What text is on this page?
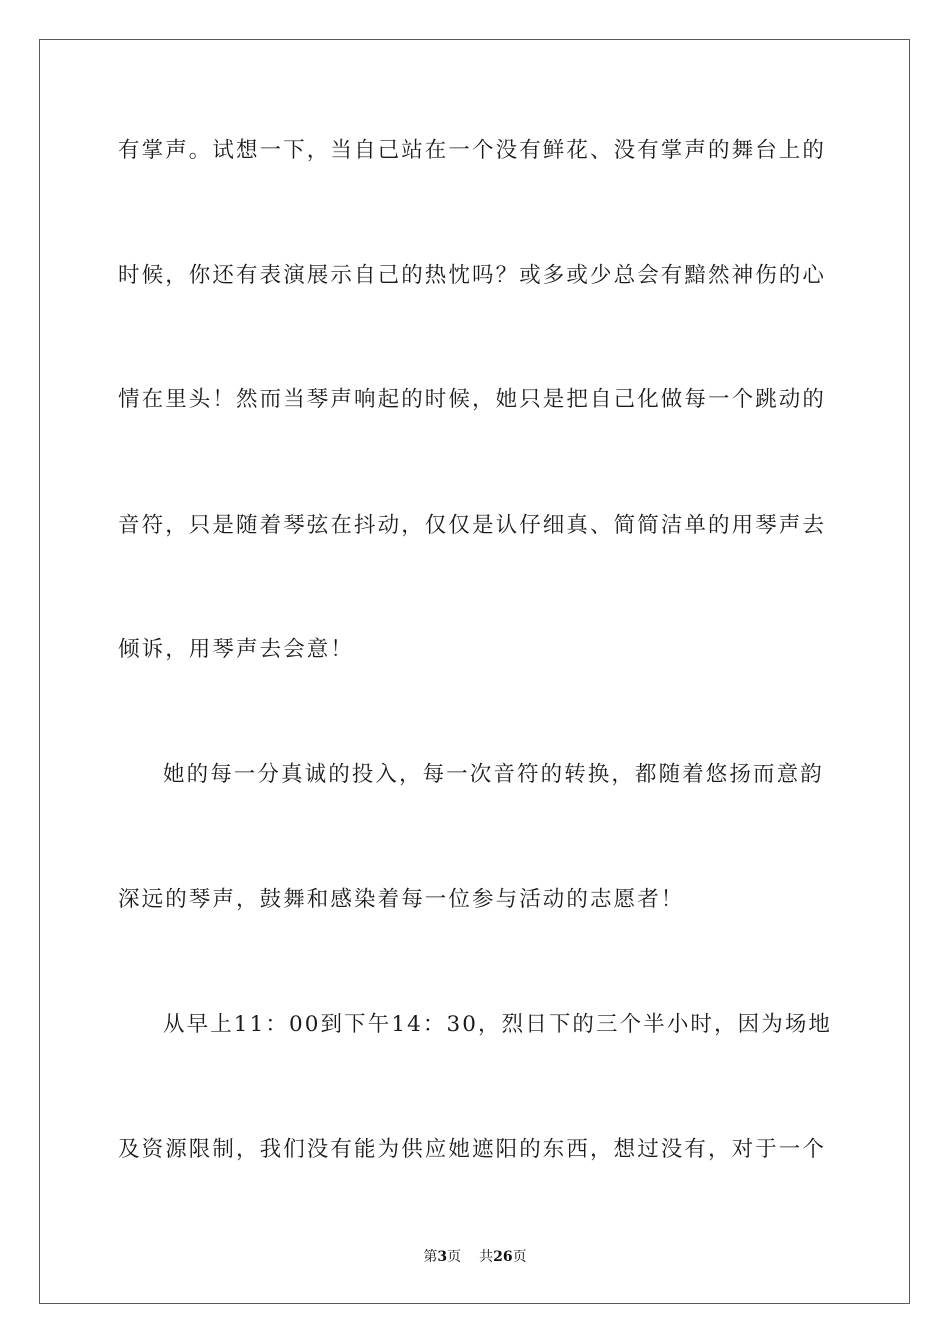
有掌声。试想一下，当自己站在一个没有鲜花、没有掌声的舞台上的
时候，你还有表演展示自己的热忱吗？或多或少总会有黯然神伤的心
情在里头！然而当琴声响起的时候，她只是把自己化做每一个跳动的
音符，只是随着琴弦在抖动，仅仅是认仔细真、简简洁单的用琴声去
倾诉，用琴声去会意！
她的每一分真诚的投入，每一次音符的转换，都随着悠扬而意韵
深远的琴声，鼓舞和感染着每一位参与活动的志愿者！
从早上11：00到下午14：30，烈日下的三个半小时，因为场地
及资源限制，我们没有能为供应她遮阳的东西，想过没有，对于一个
第3页 共26页
